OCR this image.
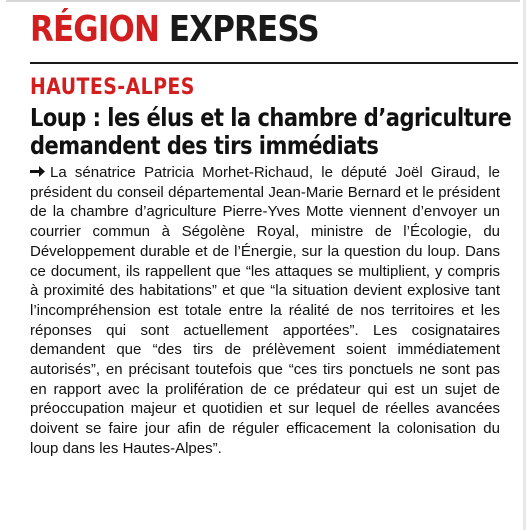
RÉGION EXPRESS
HAUTES-ALPES
Loup : les élus et la chambre d’agriculture
demandent des tirs immédiats
La sénatrice Patricia Morhet-Richaud, le député Joël Giraud, le président du conseil départemental Jean-Marie Bernard et le président de la chambre d’agriculture Pierre-Yves Motte viennent d’envoyer un courrier commun à Ségolène Royal, ministre de l’Écologie, du Développement durable et de l’Énergie, sur la question du loup. Dans ce document, ils rappellent que “les attaques se multiplient, y compris à proximité des habitations” et que “la situation devient explosive tant l’incompréhension est totale entre la réalité de nos territoires et les réponses qui sont actuellement apportées”. Les cosignataires demandent que “des tirs de prélèvement soient immédiatement autorisés”, en précisant toutefois que “ces tirs ponctuels ne sont pas en rapport avec la prolifération de ce prédateur qui est un sujet de préoccupation majeur et quotidien et sur lequel de réelles avancées doivent se faire jour afin de réguler efficacement la colonisation du loup dans les Hautes-Alpes”.
